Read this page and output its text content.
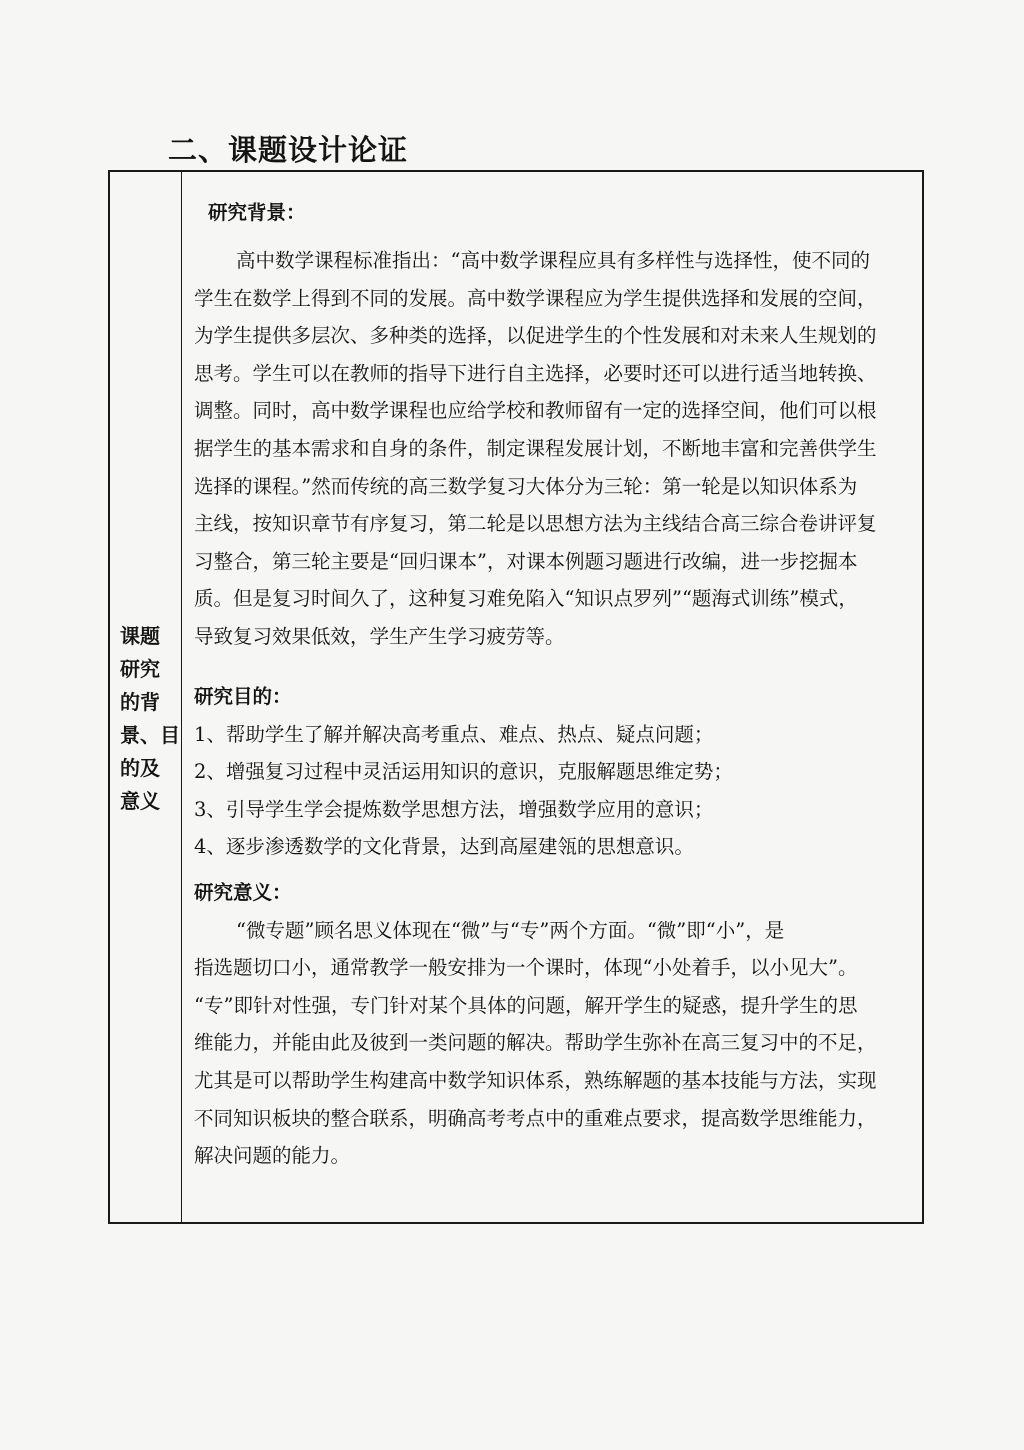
二、课题设计论证
课题
研究
的背
景、目
的及
意义
研究背景：
高中数学课程标准指出：“高中数学课程应具有多样性与选择性，使不同的
学生在数学上得到不同的发展。高中数学课程应为学生提供选择和发展的空间，
为学生提供多层次、多种类的选择，以促进学生的个性发展和对未来人生规划的
思考。学生可以在教师的指导下进行自主选择，必要时还可以进行适当地转换、
调整。同时，高中数学课程也应给学校和教师留有一定的选择空间，他们可以根
据学生的基本需求和自身的条件，制定课程发展计划，不断地丰富和完善供学生
选择的课程。”然而传统的高三数学复习大体分为三轮：第一轮是以知识体系为
主线，按知识章节有序复习，第二轮是以思想方法为主线结合高三综合卷讲评复
习整合，第三轮主要是“回归课本”，对课本例题习题进行改编，进一步挖掘本
质。但是复习时间久了，这种复习难免陷入“知识点罗列”“题海式训练”模式，
导致复习效果低效，学生产生学习疲劳等。
研究目的：
1、帮助学生了解并解决高考重点、难点、热点、疑点问题；
2、增强复习过程中灵活运用知识的意识，克服解题思维定势；
3、引导学生学会提炼数学思想方法，增强数学应用的意识；
4、逐步渗透数学的文化背景，达到高屋建瓴的思想意识。
研究意义：
“微专题”顾名思义体现在“微”与“专”两个方面。“微”即“小”，是
指选题切口小，通常教学一般安排为一个课时，体现“小处着手，以小见大”。
“专”即针对性强，专门针对某个具体的问题，解开学生的疑惑，提升学生的思
维能力，并能由此及彼到一类问题的解决。帮助学生弥补在高三复习中的不足，
尤其是可以帮助学生构建高中数学知识体系，熟练解题的基本技能与方法，实现
不同知识板块的整合联系，明确高考考点中的重难点要求，提高数学思维能力，
解决问题的能力。
